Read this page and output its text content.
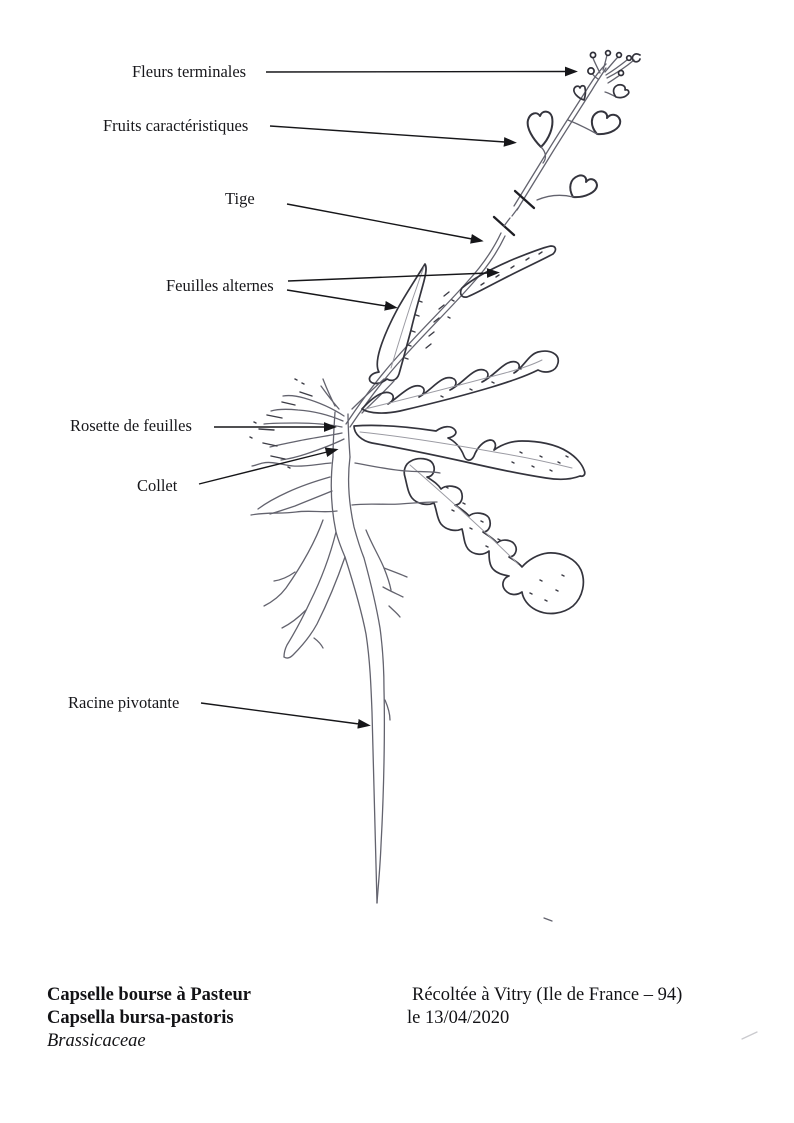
Fleurs terminales
Fruits caractéristiques
Tige
Feuilles alternes
Rosette de feuilles
Collet
Racine pivotante
Capselle bourse à Pasteur
Capsella bursa-pastoris
Brassicaceae
Récoltée à Vitry (Ile de France – 94)
le 13/04/2020
